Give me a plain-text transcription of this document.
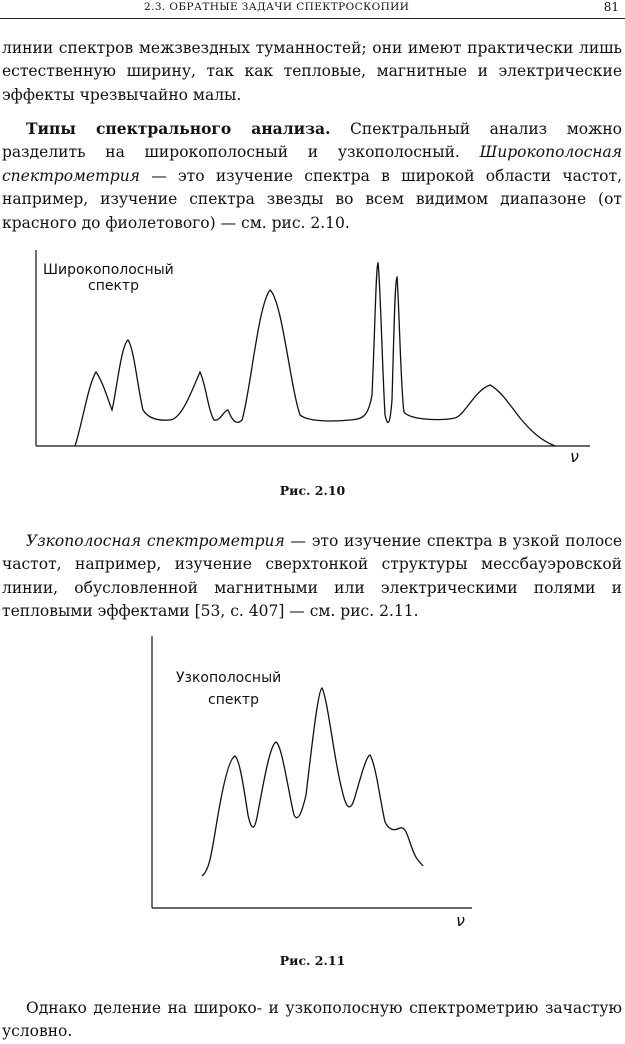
2.3. ОБРАТНЫЕ ЗАДАЧИ СПЕКТРОСКОПИИ	81

линии спектров межзвездных туманностей; они имеют практически лишь естественную ширину, так как тепловые, магнитные и электрические эффекты чрезвычайно малы.

Типы спектрального анализа. Спектральный анализ можно разделить на широкополосный и узкополосный. Широкополосная спектрометрия — это изучение спектра в широкой области частот, например, изучение спектра звезды во всем видимом диапазоне (от красного до фиолетового) — см. рис. 2.10.

Широкополосный
спектр
ν
Рис. 2.10

Узкополосная спектрометрия — это изучение спектра в узкой полосе частот, например, изучение сверхтонкой структуры мессбауэровской линии, обусловленной магнитными или электрическими полями и тепловыми эффектами [53, с. 407] — см. рис. 2.11.

Узкополосный
спектр
ν
Рис. 2.11

Однако деление на широко- и узкополосную спектрометрию зачастую условно.
